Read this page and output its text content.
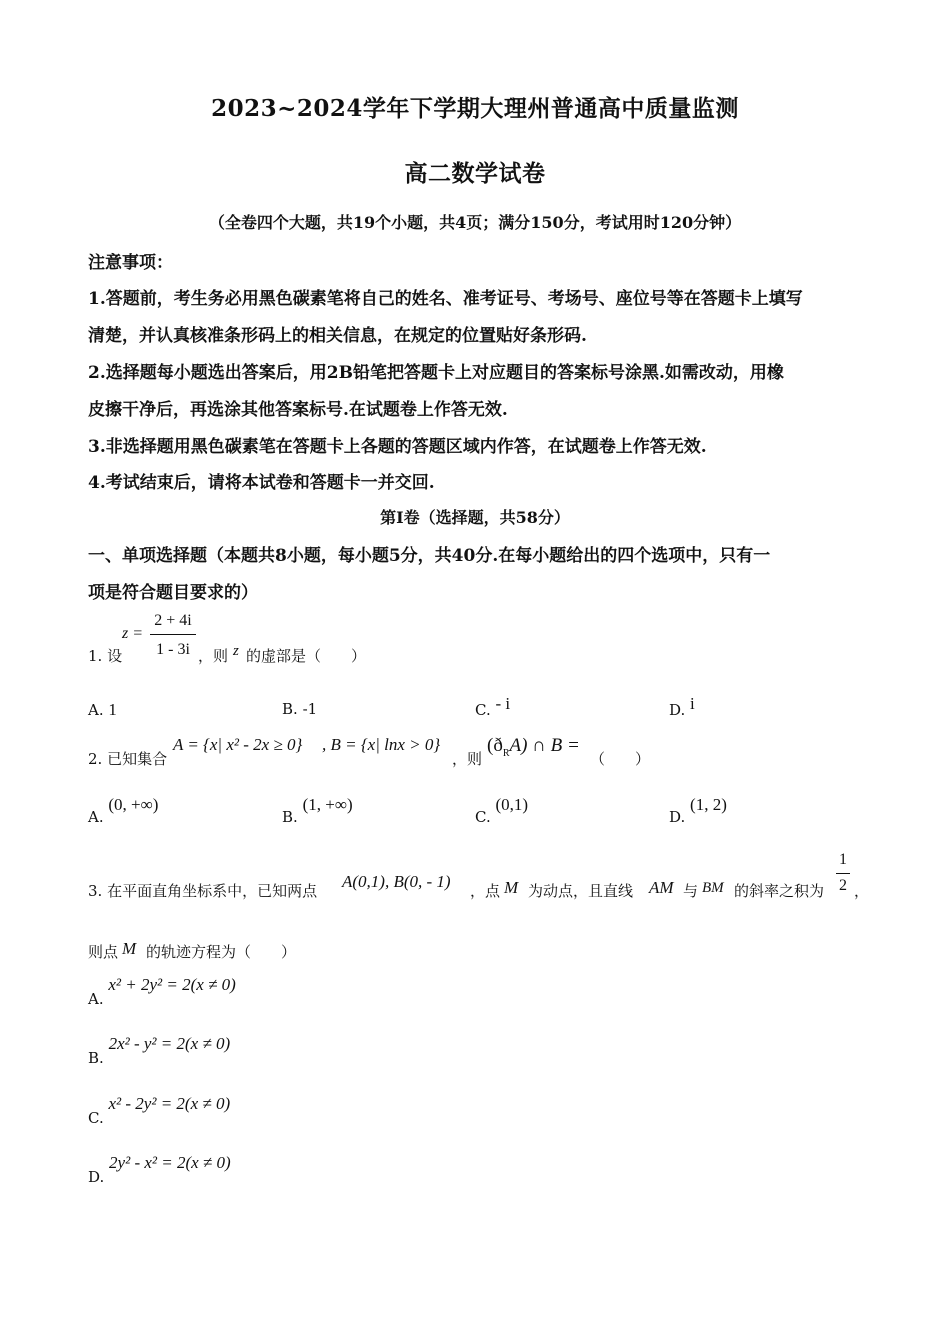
2023~2024学年下学期大理州普通高中质量监测
高二数学试卷
（全卷四个大题，共19个小题，共4页；满分150分，考试用时120分钟）
注意事项：
1.答题前，考生务必用黑色碳素笔将自己的姓名、准考证号、考场号、座位号等在答题卡上填写
清楚，并认真核准条形码上的相关信息，在规定的位置贴好条形码.
2.选择题每小题选出答案后，用2B铅笔把答题卡上对应题目的答案标号涂黑.如需改动，用橡
皮擦干净后，再选涂其他答案标号.在试题卷上作答无效.
3.非选择题用黑色碳素笔在答题卡上各题的答题区域内作答，在试题卷上作答无效.
4.考试结束后，请将本试卷和答题卡一并交回.
第I卷（选择题，共58分）
一、单项选择题（本题共8小题，每小题5分，共40分.在每小题给出的四个选项中，只有一
项是符合题目要求的）
1. 设
z =
2 + 4i
1 - 3i ，则 z 的虚部是（　　）
A. 1	B. -1	C. - i	D. i
2. 已知集合
A = {x| x² - 2x ≥ 0} , B = {x| lnx > 0}
，则
$(ð_RA)$ ∩ B =
（　　）
A. (0, +∞)
B. (1, +∞)
C. (0,1)
D. (1, 2)
3. 在平面直角坐标系中，已知两点 A(0,1), B(0, - 1) ，点 M 为动点，且直线 AM 与 BM 的斜率之积为
1
2 ，
则点 M 的轨迹方程为（　　）
A. x² + 2y² = 2(x ≠ 0)
B. 2x² - y² = 2(x ≠ 0)
C. x² - 2y² = 2(x ≠ 0)
D. 2y² - x² = 2(x ≠ 0)
